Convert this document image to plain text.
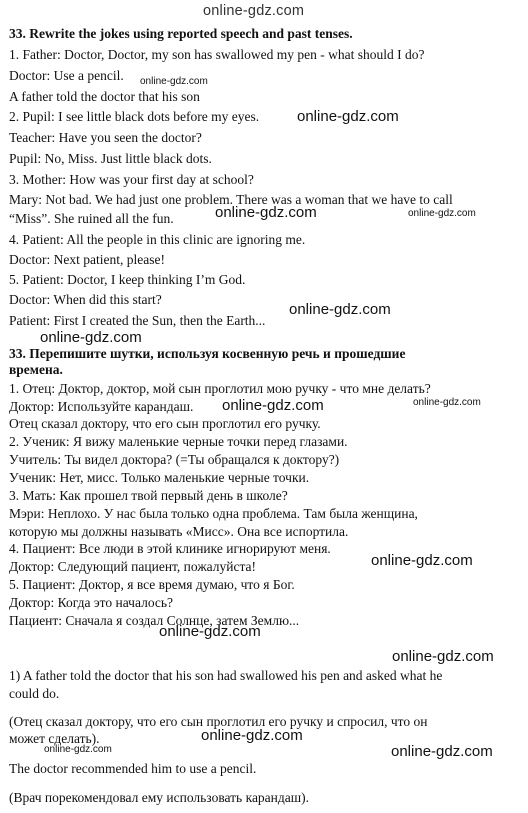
online-gdz.com
33. Rewrite the jokes using reported speech and past tenses.
1. Father: Doctor, Doctor, my son has swallowed my pen - what should I do?
Doctor: Use a pencil.
A father told the doctor that his son
2. Pupil: I see little black dots before my eyes.
Teacher: Have you seen the doctor?
Pupil: No, Miss. Just little black dots.
3. Mother: How was your first day at school?
Mary: Not bad. We had just one problem. There was a woman that we have to call
“Miss”. She ruined all the fun.
4. Patient: All the people in this clinic are ignoring me.
Doctor: Next patient, please!
5. Patient: Doctor, I keep thinking I’m God.
Doctor: When did this start?
Patient: First I created the Sun, then the Earth...
33. Перепишите шутки, используя косвенную речь и прошедшие
времена.
1. Отец: Доктор, доктор, мой сын проглотил мою ручку - что мне делать?
Доктор: Используйте карандаш.
Отец сказал доктору, что его сын проглотил его ручку.
2. Ученик: Я вижу маленькие черные точки перед глазами.
Учитель: Ты видел доктора? (=Ты обращался к доктору?)
Ученик: Нет, мисс. Только маленькие черные точки.
3. Мать: Как прошел твой первый день в школе?
Мэри: Неплохо. У нас была только одна проблема. Там была женщина,
которую мы должны называть «Мисс». Она все испортила.
4. Пациент: Все люди в этой клинике игнорируют меня.
Доктор: Следующий пациент, пожалуйста!
5. Пациент: Доктор, я все время думаю, что я Бог.
Доктор: Когда это началось?
Пациент: Сначала я создал Солнце, затем Землю...
1) A father told the doctor that his son had swallowed his pen and asked what he
could do.
(Отец сказал доктору, что его сын проглотил его ручку и спросил, что он
может сделать).
The doctor recommended him to use a pencil.
(Врач порекомендовал ему использовать карандаш).
online-gdz.com
online-gdz.com
online-gdz.com	online-gdz.com
online-gdz.com
online-gdz.com
online-gdz.com	online-gdz.com
online-gdz.com
online-gdz.com
online-gdz.com
online-gdz.com
online-gdz.com
online-gdz.com
